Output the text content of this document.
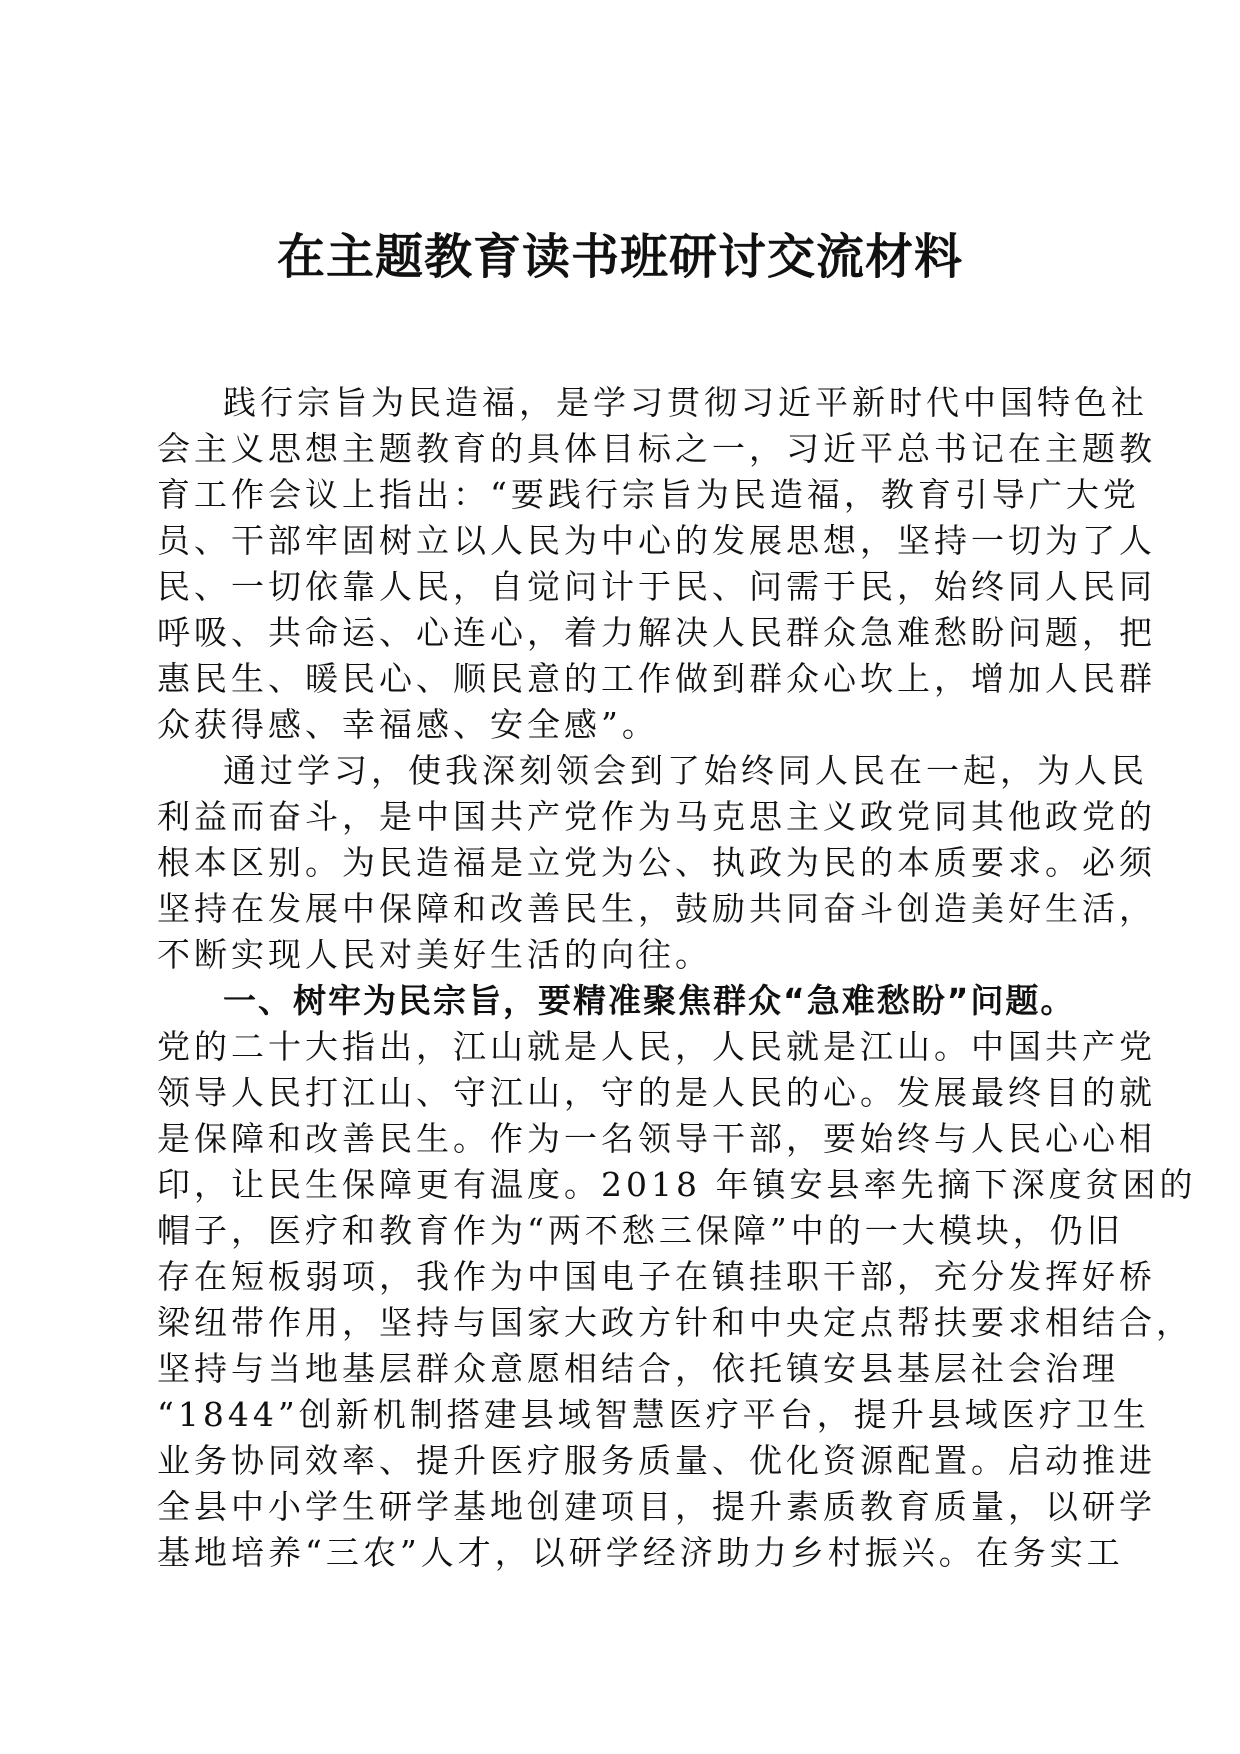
在主题教育读书班研讨交流材料
践行宗旨为民造福，是学习贯彻习近平新时代中国特色社
会主义思想主题教育的具体目标之一，习近平总书记在主题教
育工作会议上指出：“要践行宗旨为民造福，教育引导广大党
员、干部牢固树立以人民为中心的发展思想，坚持一切为了人
民、一切依靠人民，自觉问计于民、问需于民，始终同人民同
呼吸、共命运、心连心，着力解决人民群众急难愁盼问题，把
惠民生、暖民心、顺民意的工作做到群众心坎上，增加人民群
众获得感、幸福感、安全感”。
通过学习，使我深刻领会到了始终同人民在一起，为人民
利益而奋斗，是中国共产党作为马克思主义政党同其他政党的
根本区别。为民造福是立党为公、执政为民的本质要求。必须
坚持在发展中保障和改善民生，鼓励共同奋斗创造美好生活，
不断实现人民对美好生活的向往。
一、树牢为民宗旨，要精准聚焦群众“急难愁盼”问题。
党的二十大指出，江山就是人民，人民就是江山。中国共产党
领导人民打江山、守江山，守的是人民的心。发展最终目的就
是保障和改善民生。作为一名领导干部，要始终与人民心心相
印，让民生保障更有温度。2018 年镇安县率先摘下深度贫困的
帽子，医疗和教育作为“两不愁三保障”中的一大模块，仍旧
存在短板弱项，我作为中国电子在镇挂职干部，充分发挥好桥
梁纽带作用，坚持与国家大政方针和中央定点帮扶要求相结合，
坚持与当地基层群众意愿相结合，依托镇安县基层社会治理
“1844”创新机制搭建县域智慧医疗平台，提升县域医疗卫生
业务协同效率、提升医疗服务质量、优化资源配置。启动推进
全县中小学生研学基地创建项目，提升素质教育质量，以研学
基地培养“三农”人才，以研学经济助力乡村振兴。在务实工
